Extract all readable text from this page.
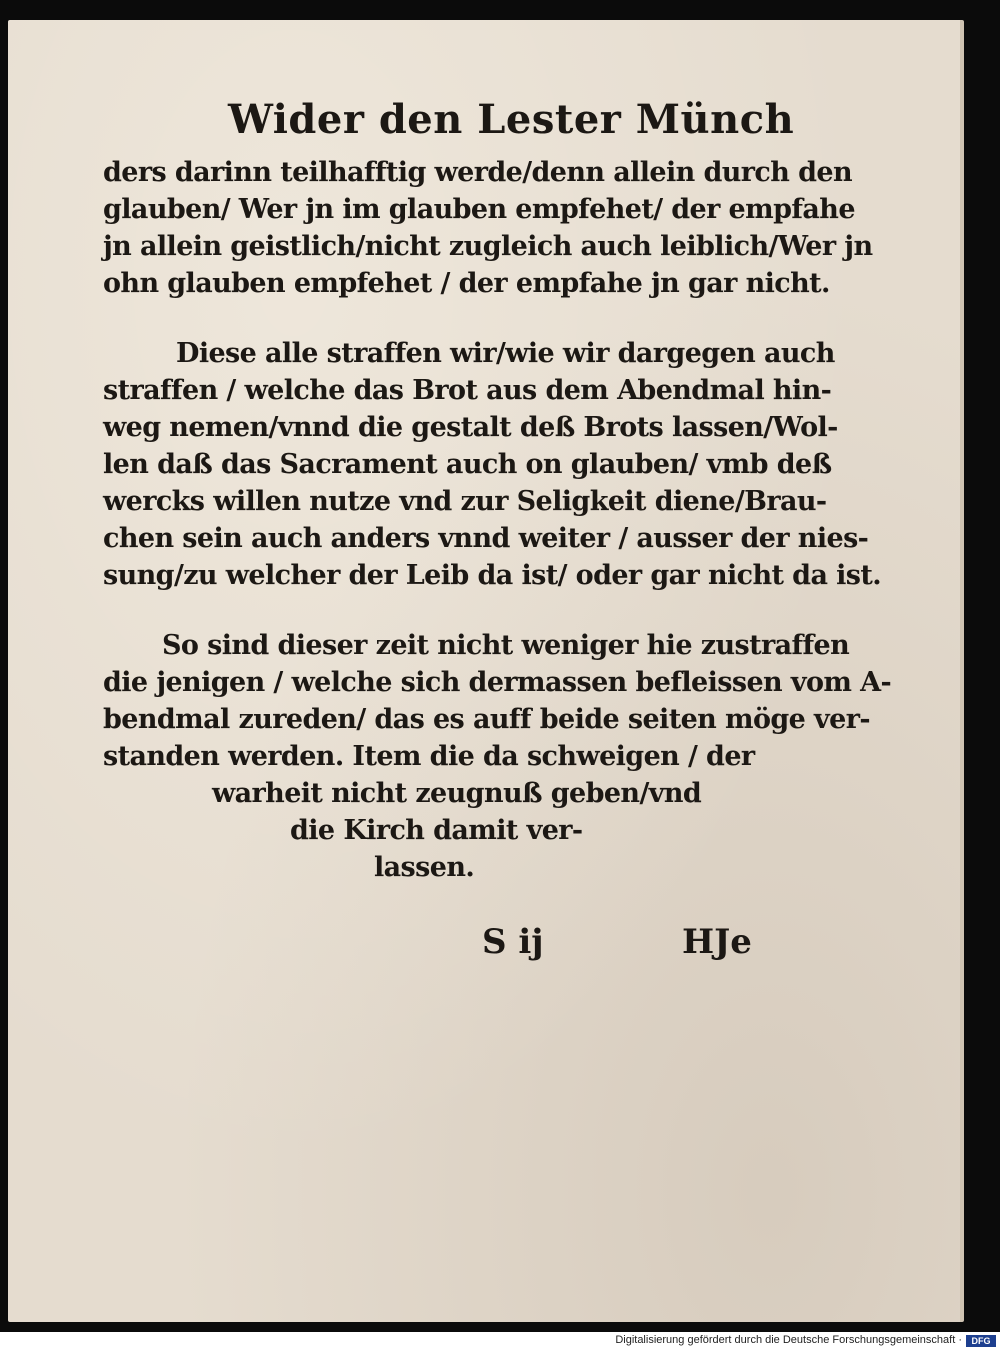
Wider den Lester Münch
ders darinn teilhafftig werde/denn allein durch den
glauben/ Wer jn im glauben empfehet/ der empfahe
jn allein geistlich/nicht zugleich auch leiblich/Wer jn
ohn glauben empfehet / der empfahe jn gar nicht.
Diese alle straffen wir/wie wir dargegen auch
straffen / welche das Brot aus dem Abendmal hin-
weg nemen/vnnd die gestalt deß Brots lassen/Wol-
len daß das Sacrament auch on glauben/ vmb deß
wercks willen nutze vnd zur Seligkeit diene/Brau-
chen sein auch anders vnnd weiter / ausser der nies-
sung/zu welcher der Leib da ist/ oder gar nicht da ist.
So sind dieser zeit nicht weniger hie zustraffen
die jenigen / welche sich dermassen befleissen vom A-
bendmal zureden/ das es auff beide seiten möge ver-
standen werden. Item die da schweigen / der
warheit nicht zeugnuß geben/vnd
die Kirch damit ver-
lassen.
S ij	HJe
Digitalisierung gefördert durch die Deutsche Forschungsgemeinschaft ·	DFG
